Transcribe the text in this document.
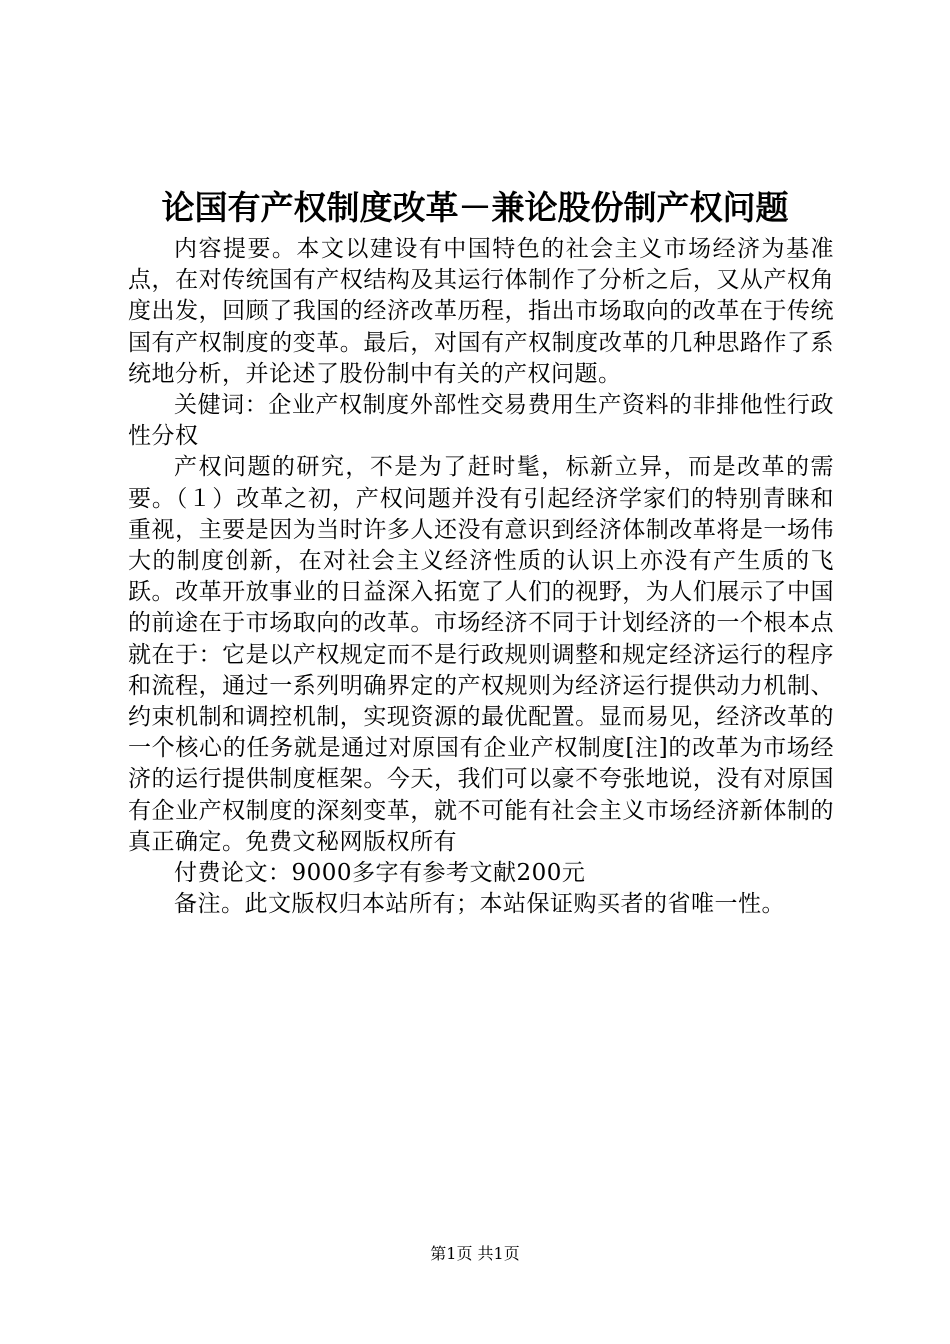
论国有产权制度改革－兼论股份制产权问题

内容提要。本文以建设有中国特色的社会主义市场经济为基准点，在对传统国有产权结构及其运行体制作了分析之后，又从产权角度出发，回顾了我国的经济改革历程，指出市场取向的改革在于传统国有产权制度的变革。最后，对国有产权制度改革的几种思路作了系统地分析，并论述了股份制中有关的产权问题。

关健词：企业产权制度外部性交易费用生产资料的非排他性行政性分权

产权问题的研究，不是为了赶时髦，标新立异，而是改革的需要。（１）改革之初，产权问题并没有引起经济学家们的特别青睐和重视，主要是因为当时许多人还没有意识到经济体制改革将是一场伟大的制度创新，在对社会主义经济性质的认识上亦没有产生质的飞跃。改革开放事业的日益深入拓宽了人们的视野，为人们展示了中国的前途在于市场取向的改革。市场经济不同于计划经济的一个根本点就在于：它是以产权规定而不是行政规则调整和规定经济运行的程序和流程，通过一系列明确界定的产权规则为经济运行提供动力机制、约束机制和调控机制，实现资源的最优配置。显而易见，经济改革的一个核心的任务就是通过对原国有企业产权制度[注]的改革为市场经济的运行提供制度框架。今天，我们可以豪不夸张地说，没有对原国有企业产权制度的深刻变革，就不可能有社会主义市场经济新体制的真正确定。免费文秘网版权所有

付费论文：9000多字有参考文献200元

备注。此文版权归本站所有；本站保证购买者的省唯一性。

第1页 共1页
